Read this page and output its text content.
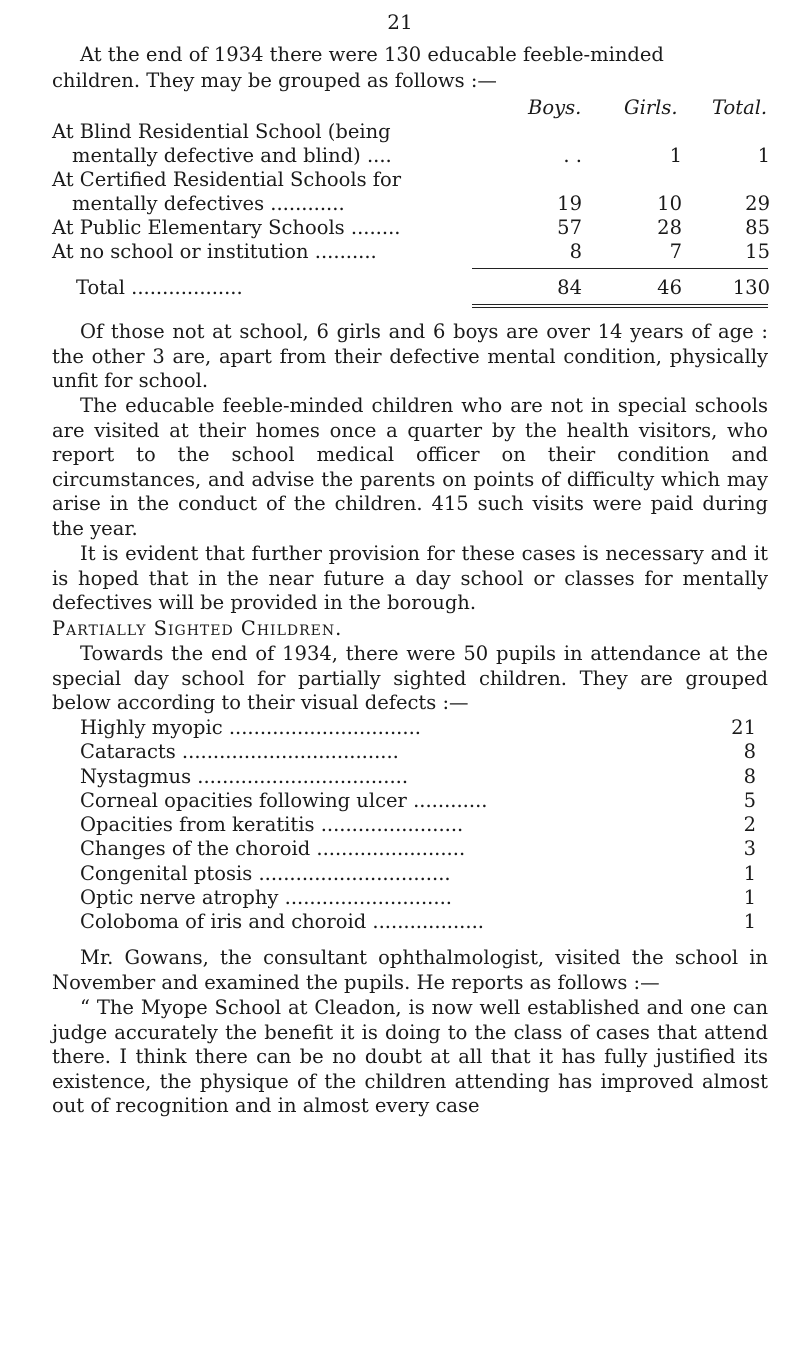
21
At the end of 1934 there were 130 educable feeble-minded
children. They may be grouped as follows :—
Boys. Girls. Total.
At Blind Residential School (being
mentally defective and blind) ....	. .	1	1
At Certified Residential Schools for
mentally defectives ............	19	10	29
At Public Elementary Schools ........	57	28	85
At no school or institution ..........	8	7	15
Total ..................	84	46	130
Of those not at school, 6 girls and 6 boys are over 14 years of age : the other 3 are, apart from their defective mental condition, physically unfit for school.
The educable feeble-minded children who are not in special schools are visited at their homes once a quarter by the health visitors, who report to the school medical officer on their condition and circumstances, and advise the parents on points of difficulty which may arise in the conduct of the children. 415 such visits were paid during the year.
It is evident that further provision for these cases is necessary and it is hoped that in the near future a day school or classes for mentally defectives will be provided in the borough.
Partially Sighted Children.
Towards the end of 1934, there were 50 pupils in attendance at the special day school for partially sighted children. They are grouped below according to their visual defects :—
Highly myopic ...............................	21
Cataracts ...................................	8
Nystagmus ..................................	8
Corneal opacities following ulcer ............	5
Opacities from keratitis .......................	2
Changes of the choroid ........................	3
Congenital ptosis ...............................	1
Optic nerve atrophy ...........................	1
Coloboma of iris and choroid ..................	1
Mr. Gowans, the consultant ophthalmologist, visited the school in November and examined the pupils. He reports as follows :—
“ The Myope School at Cleadon, is now well established and one can judge accurately the benefit it is doing to the class of cases that attend there. I think there can be no doubt at all that it has fully justified its existence, the physique of the children attending has improved almost out of recognition and in almost every case
